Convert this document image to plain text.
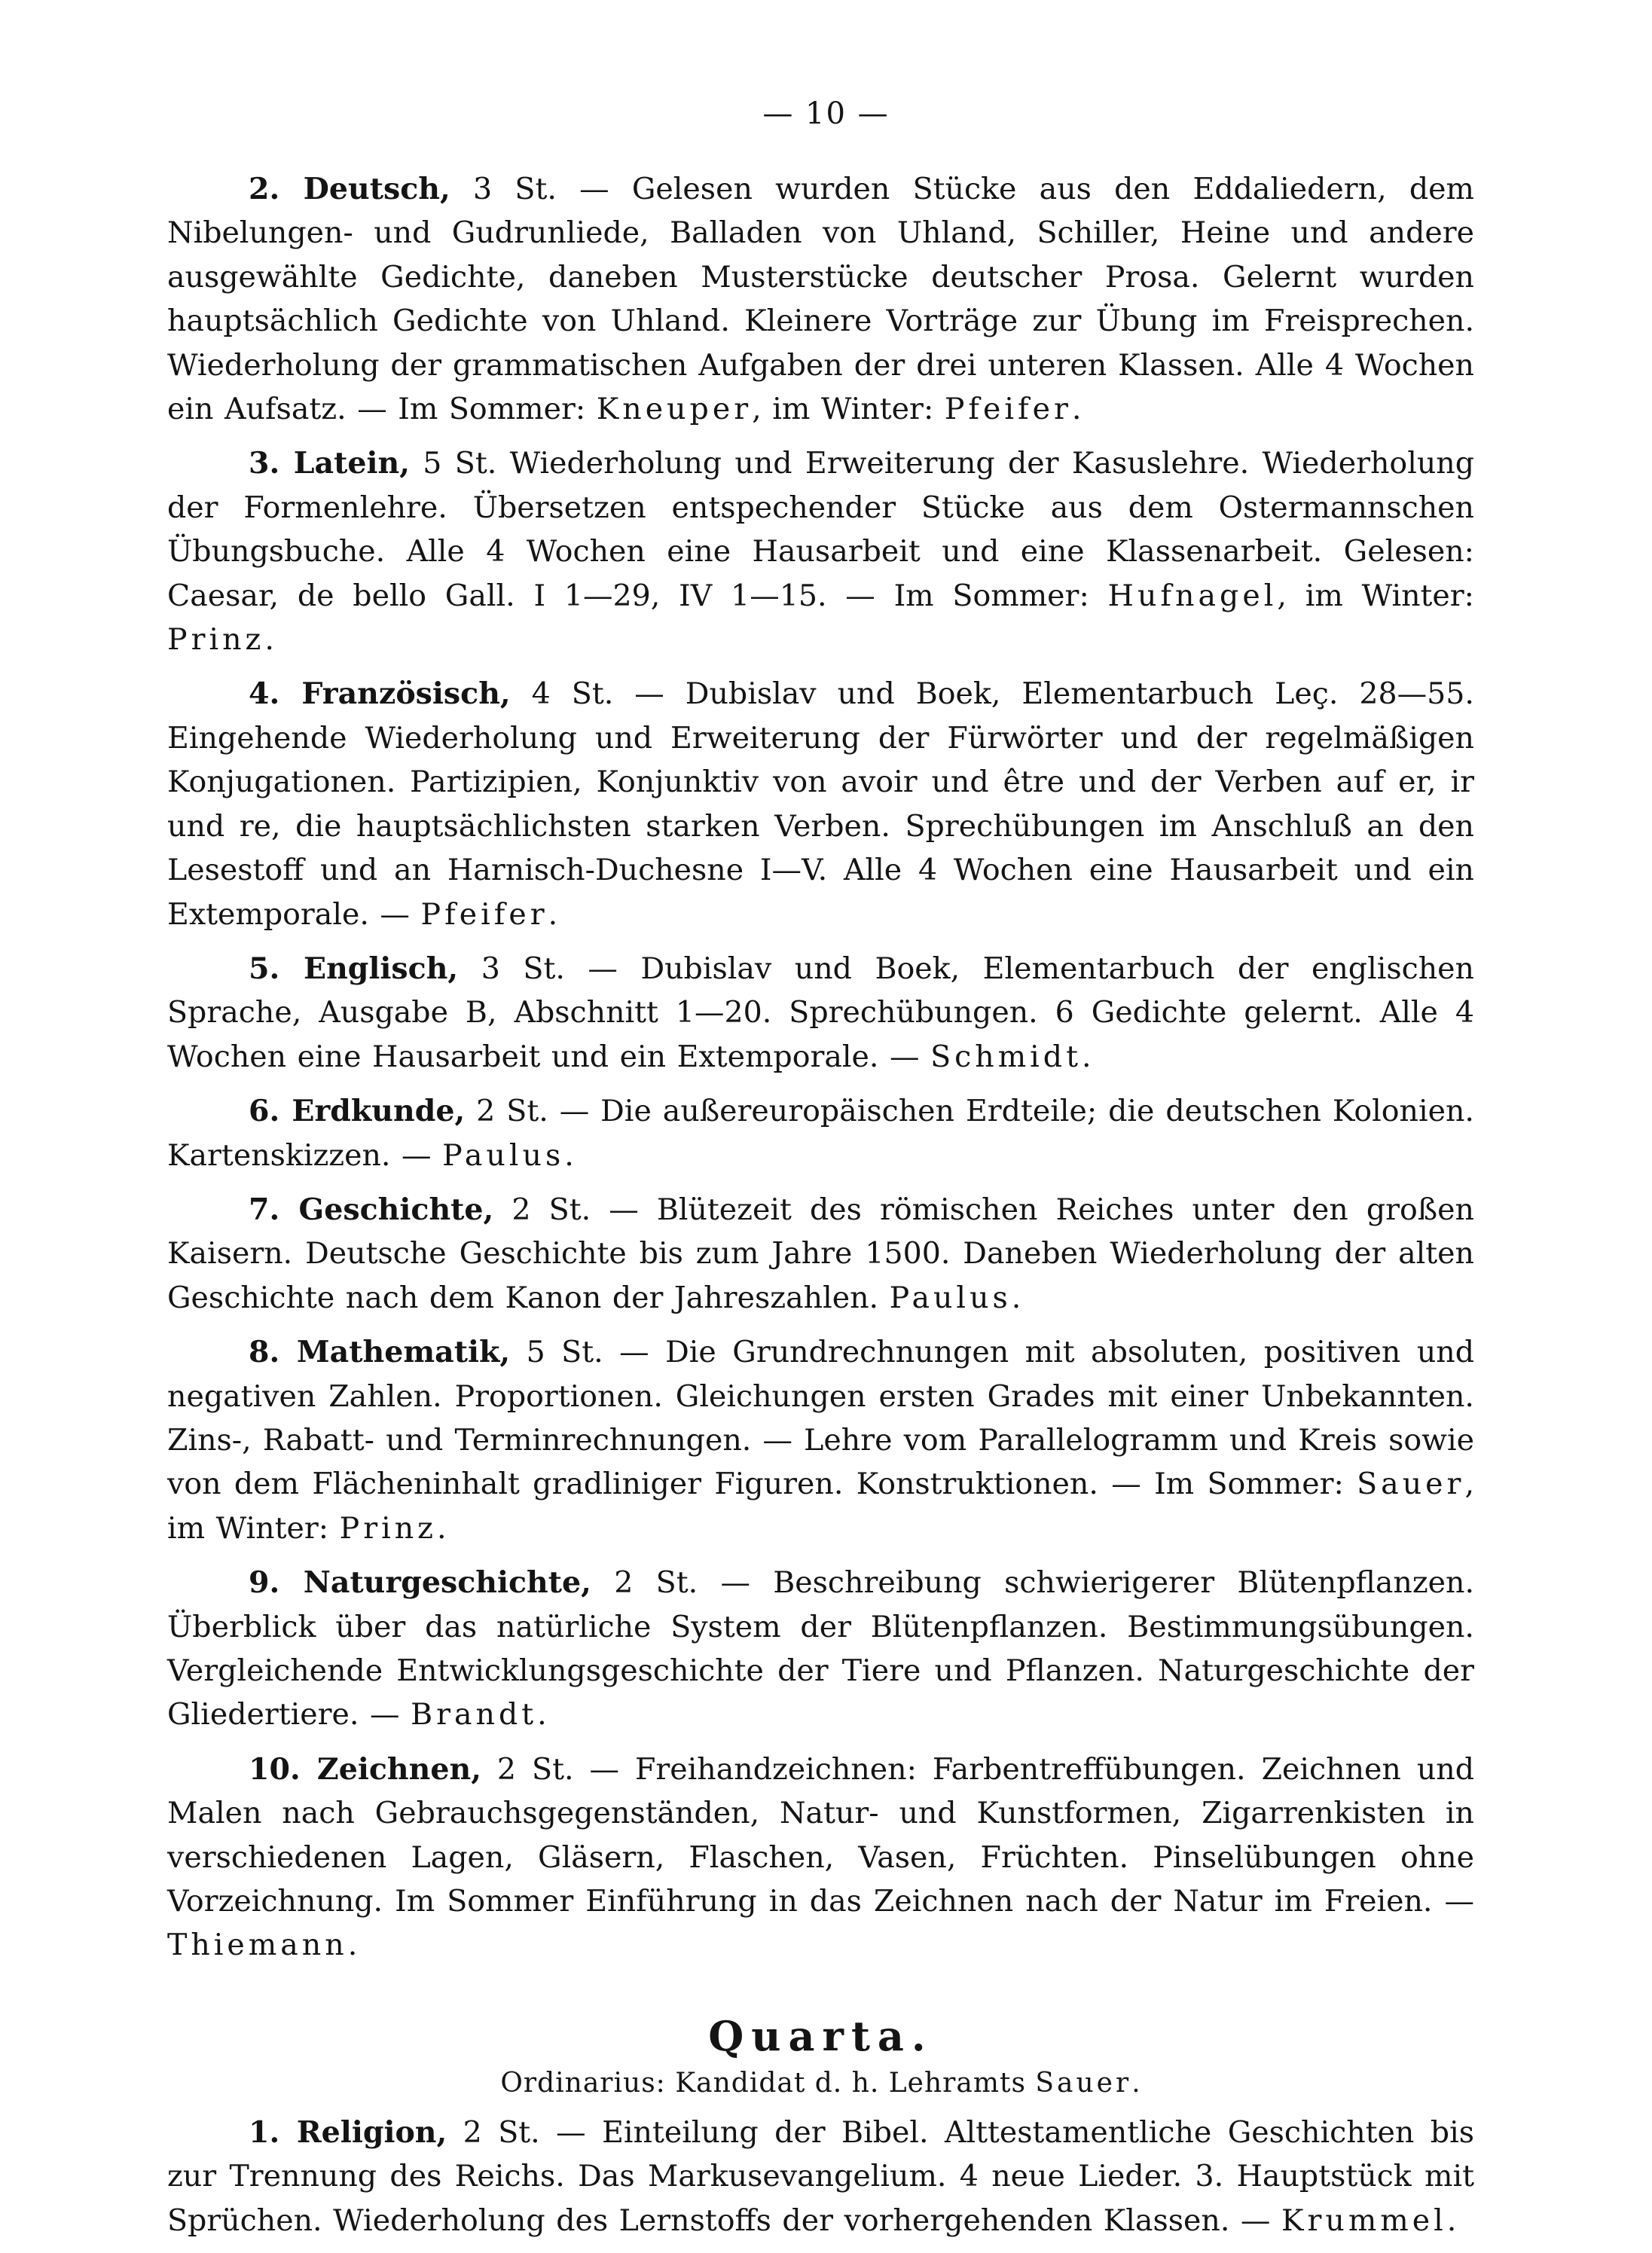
— 10 —

2. Deutsch, 3 St. — Gelesen wurden Stücke aus den Eddaliedern, dem Nibelungen- und Gudrunliede, Balladen von Uhland, Schiller, Heine und andere ausgewählte Gedichte, daneben Musterstücke deutscher Prosa. Gelernt wurden hauptsächlich Gedichte von Uhland. Kleinere Vorträge zur Übung im Freisprechen. Wiederholung der grammatischen Aufgaben der drei unteren Klassen. Alle 4 Wochen ein Aufsatz. — Im Sommer: Kneuper, im Winter: Pfeifer.

3. Latein, 5 St. Wiederholung und Erweiterung der Kasuslehre. Wiederholung der Formenlehre. Übersetzen entspechender Stücke aus dem Ostermannschen Übungsbuche. Alle 4 Wochen eine Hausarbeit und eine Klassenarbeit. Gelesen: Caesar, de bello Gall. I 1—29, IV 1—15. — Im Sommer: Hufnagel, im Winter: Prinz.

4. Französisch, 4 St. — Dubislav und Boek, Elementarbuch Leç. 28—55. Eingehende Wiederholung und Erweiterung der Fürwörter und der regelmäßigen Konjugationen. Partizipien, Konjunktiv von avoir und être und der Verben auf er, ir und re, die hauptsächlichsten starken Verben. Sprechübungen im Anschluß an den Lesestoff und an Harnisch-Duchesne I—V. Alle 4 Wochen eine Hausarbeit und ein Extemporale. — Pfeifer.

5. Englisch, 3 St. — Dubislav und Boek, Elementarbuch der englischen Sprache, Ausgabe B, Abschnitt 1—20. Sprechübungen. 6 Gedichte gelernt. Alle 4 Wochen eine Hausarbeit und ein Extemporale. — Schmidt.

6. Erdkunde, 2 St. — Die außereuropäischen Erdteile; die deutschen Kolonien. Kartenskizzen. — Paulus.

7. Geschichte, 2 St. — Blütezeit des römischen Reiches unter den großen Kaisern. Deutsche Geschichte bis zum Jahre 1500. Daneben Wiederholung der alten Geschichte nach dem Kanon der Jahreszahlen. Paulus.

8. Mathematik, 5 St. — Die Grundrechnungen mit absoluten, positiven und negativen Zahlen. Proportionen. Gleichungen ersten Grades mit einer Unbekannten. Zins-, Rabatt- und Terminrechnungen. — Lehre vom Parallelogramm und Kreis sowie von dem Flächeninhalt gradliniger Figuren. Konstruktionen. — Im Sommer: Sauer, im Winter: Prinz.

9. Naturgeschichte, 2 St. — Beschreibung schwierigerer Blütenpflanzen. Überblick über das natürliche System der Blütenpflanzen. Bestimmungsübungen. Vergleichende Entwicklungsgeschichte der Tiere und Pflanzen. Naturgeschichte der Gliedertiere. — Brandt.

10. Zeichnen, 2 St. — Freihandzeichnen: Farbentreffübungen. Zeichnen und Malen nach Gebrauchsgegenständen, Natur- und Kunstformen, Zigarrenkisten in verschiedenen Lagen, Gläsern, Flaschen, Vasen, Früchten. Pinselübungen ohne Vorzeichnung. Im Sommer Einführung in das Zeichnen nach der Natur im Freien. — Thiemann.

Quarta.
Ordinarius: Kandidat d. h. Lehramts Sauer.

1. Religion, 2 St. — Einteilung der Bibel. Alttestamentliche Geschichten bis zur Trennung des Reichs. Das Markusevangelium. 4 neue Lieder. 3. Hauptstück mit Sprüchen. Wiederholung des Lernstoffs der vorhergehenden Klassen. — Krummel.
